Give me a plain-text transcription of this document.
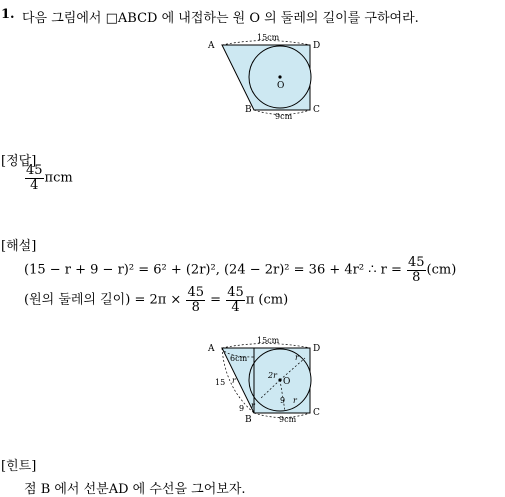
1. 다음 그림에서 □ABCD 에 내접하는 원 O 의 둘레의 길이를 구하여라.
A	D
B	C
O
15cm
9cm
[정답]
$\frac{45}{4}$ πcm
[해설]
(15 − r + 9 − r)² = 6² + (2r)², (24 − 2r)² = 36 + 4r² ∴ $r = \frac{45}{8} (cm)$
(원의 둘레의 길이) = $2\pi \times \frac{45}{8} = \frac{45}{4}$ π (cm)
A	D
B
C
O
15cm
9cm
6cm
15 r
2r
9 r
9 r
r
[힌트]
점 B 에서 선분AD 에 수선을 그어보자.
